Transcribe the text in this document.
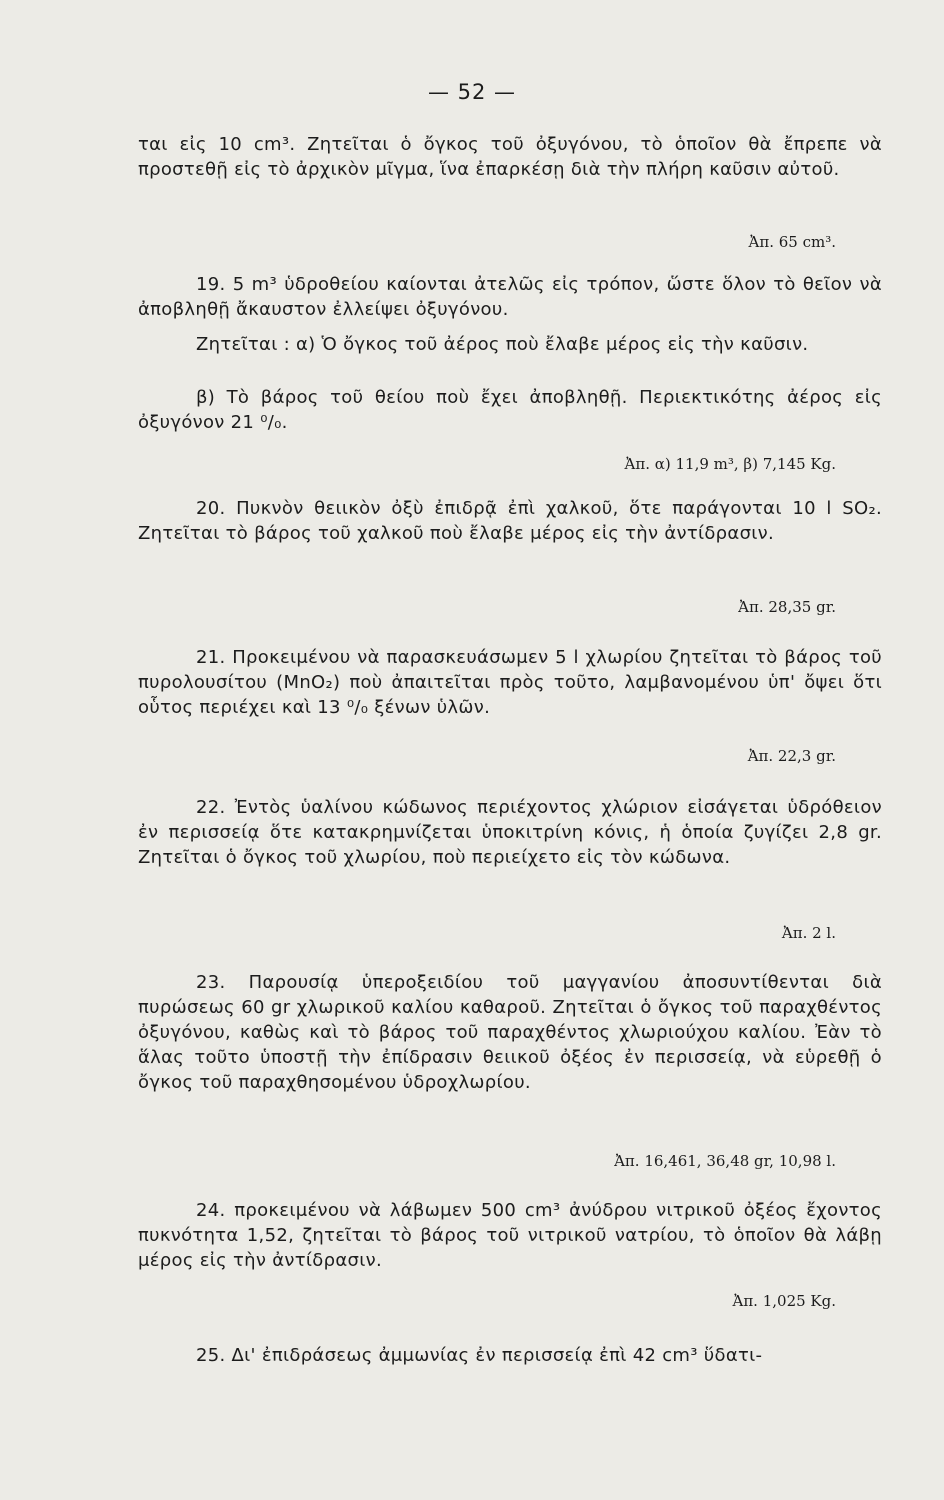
— 52 —

ται εἰς 10 cm³. Ζητεῖται ὁ ὄγκος τοῦ ὀξυγόνου, τὸ ὁποῖον θὰ ἔπρεπε νὰ προστεθῇ εἰς τὸ ἀρχικὸν μῖγμα, ἵνα ἐπαρκέσῃ διὰ τὴν πλήρη καῦσιν αὐτοῦ.

Ἀπ. 65 cm³.

19. 5 m³ ὑδροθείου καίονται ἀτελῶς εἰς τρόπον, ὥστε ὅλον τὸ θεῖον νὰ ἀποβληθῇ ἄκαυστον ἐλλείψει ὀξυγόνου.

Ζητεῖται : α) Ὁ ὄγκος τοῦ ἀέρος ποὺ ἔλαβε μέρος εἰς τὴν καῦσιν.

β) Τὸ βάρος τοῦ θείου ποὺ ἔχει ἀποβληθῇ. Περιεκτικότης ἀέρος εἰς ὀξυγόνον 21 ⁰/₀.

Ἀπ. α) 11,9 m³, β) 7,145 Kg.

20. Πυκνὸν θειικὸν ὀξὺ ἐπιδρᾷ ἐπὶ χαλκοῦ, ὅτε παράγονται 10 l SO₂. Ζητεῖται τὸ βάρος τοῦ χαλκοῦ ποὺ ἔλαβε μέρος εἰς τὴν ἀντίδρασιν.

Ἀπ. 28,35 gr.

21. Προκειμένου νὰ παρασκευάσωμεν 5 l χλωρίου ζητεῖται τὸ βάρος τοῦ πυρολουσίτου (MnO₂) ποὺ ἀπαιτεῖται πρὸς τοῦτο, λαμβανομένου ὑπ' ὄψει ὅτι οὗτος περιέχει καὶ 13 ⁰/₀ ξένων ὑλῶν.

Ἀπ. 22,3 gr.

22. Ἐντὸς ὑαλίνου κώδωνος περιέχοντος χλώριον εἰσάγεται ὑδρόθειον ἐν περισσείᾳ ὅτε κατακρημνίζεται ὑποκιτρίνη κόνις, ἡ ὁποία ζυγίζει 2,8 gr. Ζητεῖται ὁ ὄγκος τοῦ χλωρίου, ποὺ περιείχετο εἰς τὸν κώδωνα.

Ἀπ. 2 l.

23. Παρουσίᾳ ὑπεροξειδίου τοῦ μαγγανίου ἀποσυντίθενται διὰ πυρώσεως 60 gr χλωρικοῦ καλίου καθαροῦ. Ζητεῖται ὁ ὄγκος τοῦ παραχθέντος ὀξυγόνου, καθὼς καὶ τὸ βάρος τοῦ παραχθέντος χλωριούχου καλίου. Ἐὰν τὸ ἅλας τοῦτο ὑποστῇ τὴν ἐπίδρασιν θειικοῦ ὀξέος ἐν περισσείᾳ, νὰ εὑρεθῇ ὁ ὄγκος τοῦ παραχθησομένου ὑδροχλωρίου.

Ἀπ. 16,461, 36,48 gr, 10,98 l.

24. προκειμένου νὰ λάβωμεν 500 cm³ ἀνύδρου νιτρικοῦ ὀξέος ἔχοντος πυκνότητα 1,52, ζητεῖται τὸ βάρος τοῦ νιτρικοῦ νατρίου, τὸ ὁποῖον θὰ λάβῃ μέρος εἰς τὴν ἀντίδρασιν.

Ἀπ. 1,025 Kg.

25. Δι' ἐπιδράσεως ἀμμωνίας ἐν περισσείᾳ ἐπὶ 42 cm³ ὕδατι-
